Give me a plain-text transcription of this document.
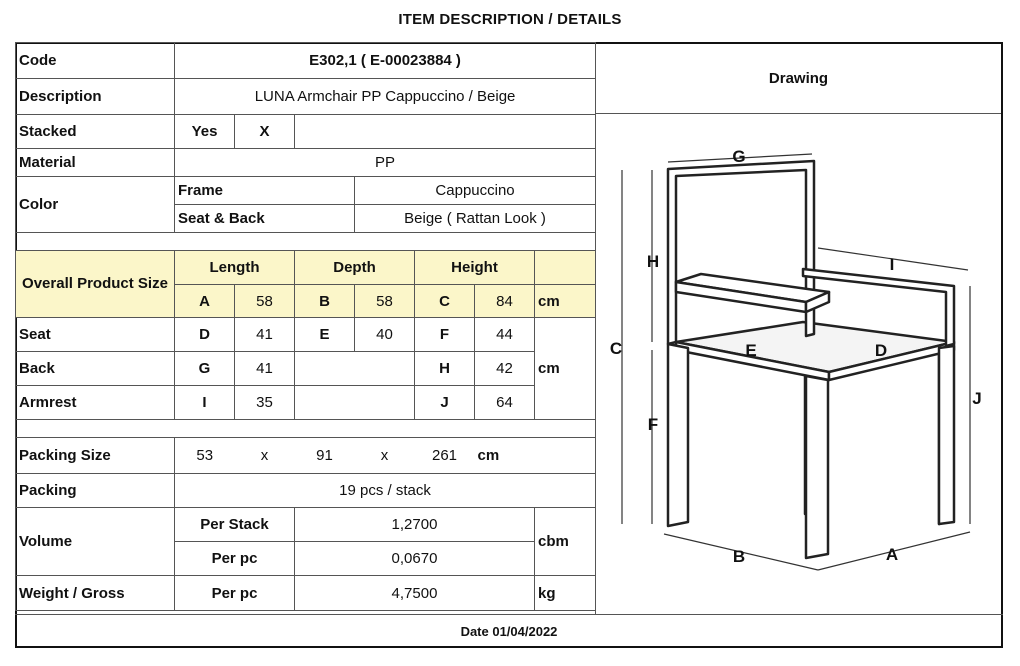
ITEM DESCRIPTION / DETAILS
Code	E302,1 ( E-00023884 )						
Description	LUNA Armchair PP Cappuccino / Beige						
Stacked	Yes	X					
Material	PP						
Color	Frame			Cappuccino			
	Seat & Back			Beige ( Rattan Look )			

Overall Product Size	Length		Depth		Height		
	A	58	B	58	C	84	cm
Seat	D	41	E	40	F	44	cm
Back	G	41			H	42	
Armrest	I	35			J	64	

Packing Size	53	x	91	x	261	cm	
Packing	19 pcs / stack						
Volume	Per Stack		1,2700				cbm
	Per pc		0,0670				
Weight / Gross	Per pc		4,7500				kg
Drawing
G
H	I
C	E	D
J
F
B	A
Date 01/04/2022
